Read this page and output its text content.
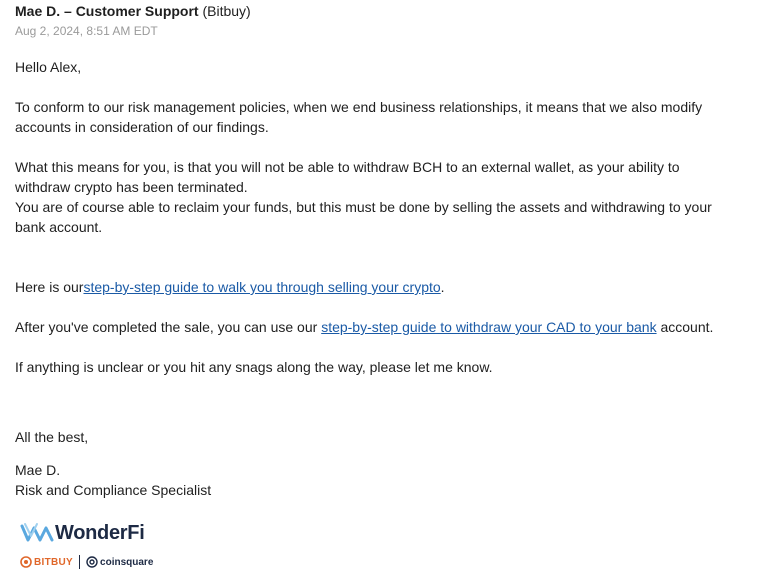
Mae D. – Customer Support (Bitbuy)
Aug 2, 2024, 8:51 AM EDT

Hello Alex,

To conform to our risk management policies, when we end business relationships, it means that we also modify accounts in consideration of our findings.

What this means for you, is that you will not be able to withdraw BCH to an external wallet, as your ability to withdraw crypto has been terminated.

You are of course able to reclaim your funds, but this must be done by selling the assets and withdrawing to your bank account.

Here is ourstep-by-step guide to walk you through selling your crypto.

After you've completed the sale, you can use our step-by-step guide to withdraw your CAD to your bank account.

If anything is unclear or you hit any snags along the way, please let me know.

All the best,
Mae D.
Risk and Compliance Specialist
WonderFi
BITBUY	coinsquare
